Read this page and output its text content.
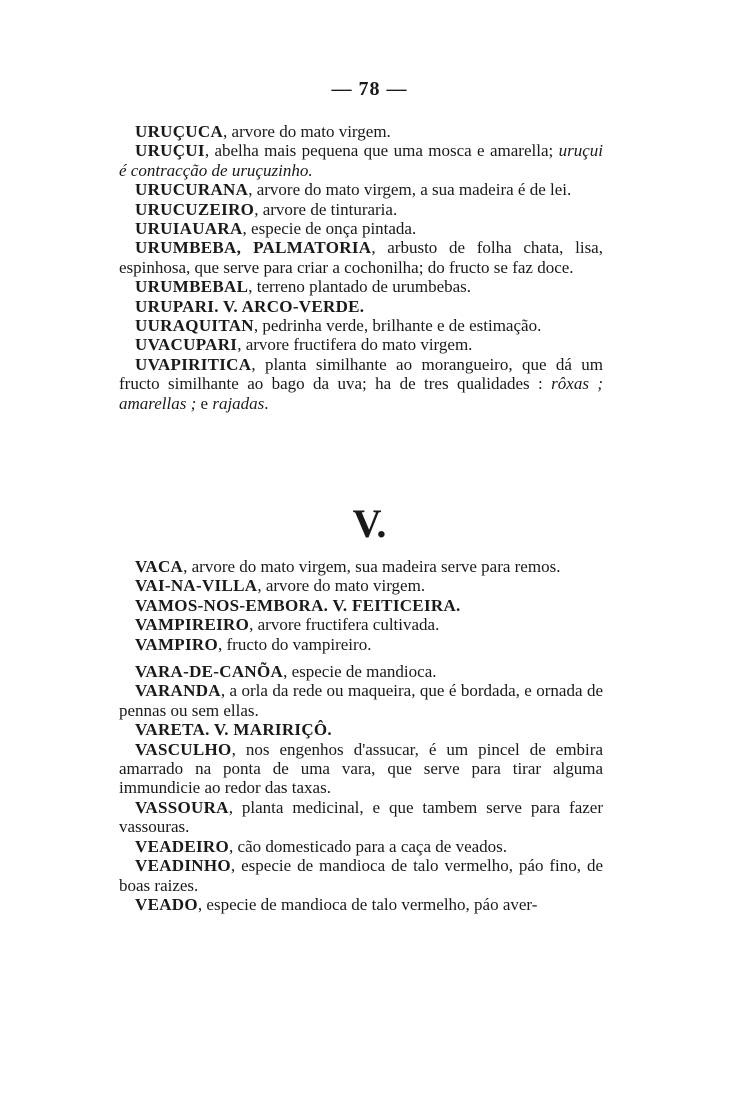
— 78 —

URUÇUCA, arvore do mato virgem.

URUÇUI, abelha mais pequena que uma mosca e amarella; uruçui é contracção de uruçuzinho.

URUCURANA, arvore do mato virgem, a sua madeira é de lei.

URUCUZEIRO, arvore de tinturaria.

URUIAUARA, especie de onça pintada.

URUMBEBA, PALMATORIA, arbusto de folha chata, lisa, espinhosa, que serve para criar a cochonilha; do fructo se faz doce.

URUMBEBAL, terreno plantado de urumbebas.

URUPARI. V. ARCO-VERDE.

UURAQUITAN, pedrinha verde, brilhante e de estimação.

UVACUPARI, arvore fructifera do mato virgem.

UVAPIRITICA, planta similhante ao morangueiro, que dá um fructo similhante ao bago da uva; ha de tres qualidades : rôxas ; amarellas ; e rajadas.

V.

VACA, arvore do mato virgem, sua madeira serve para remos.

VAI-NA-VILLA, arvore do mato virgem.

VAMOS-NOS-EMBORA. V. FEITICEIRA.

VAMPIREIRO, arvore fructifera cultivada.

VAMPIRO, fructo do vampireiro.

VARA-DE-CANÕA, especie de mandioca.

VARANDA, a orla da rede ou maqueira, que é bordada, e ornada de pennas ou sem ellas.

VARETA. V. MARIRIÇÔ.

VASCULHO, nos engenhos d'assucar, é um pincel de embira amarrado na ponta de uma vara, que serve para tirar alguma immundicie ao redor das taxas.

VASSOURA, planta medicinal, e que tambem serve para fazer vassouras.

VEADEIRO, cão domesticado para a caça de veados.

VEADINHO, especie de mandioca de talo vermelho, páo fino, de boas raizes.

VEADO, especie de mandioca de talo vermelho, páo aver-
